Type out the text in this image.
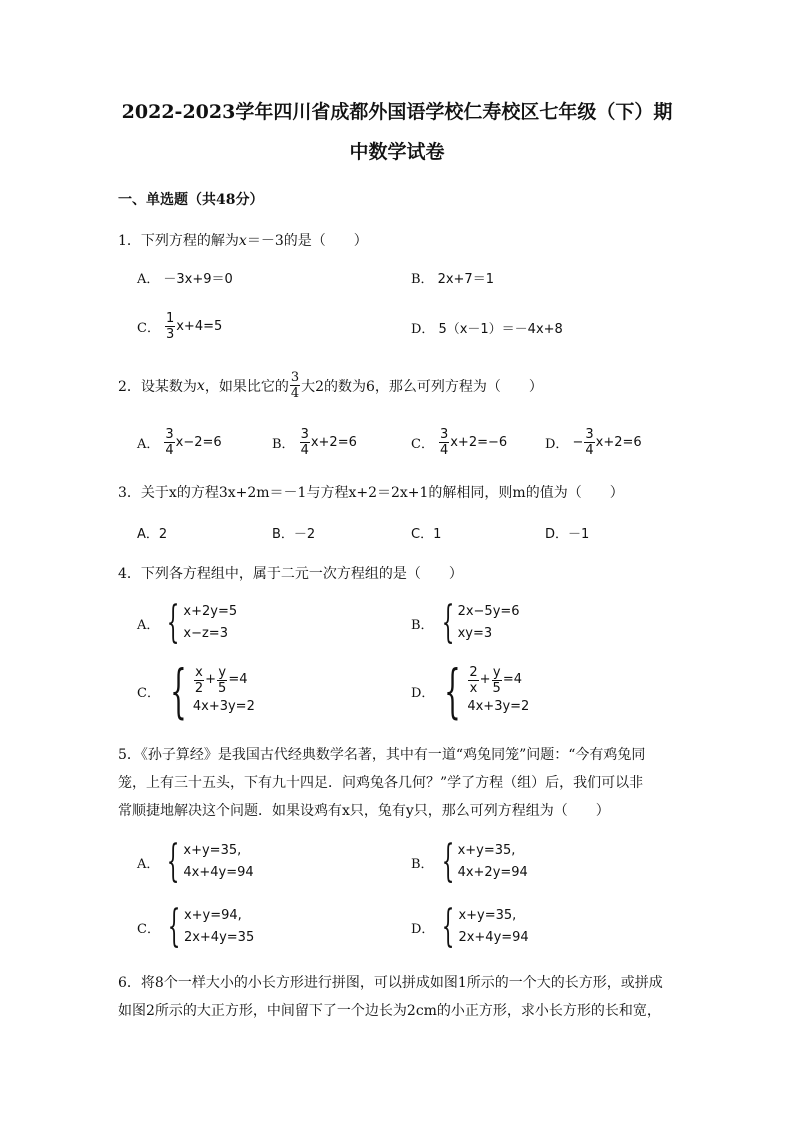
2022-2023学年四川省成都外国语学校仁寿校区七年级（下）期
中数学试卷
一、单选题（共48分）
1．下列方程的解为x＝－3的是（　　）
A． －3x+9＝0	B． 2x+7＝1
C． $\frac{1}{3} x+4=5$	D． 5（x－1）＝－4x+8
2． 设某数为 x ，如果比它的 $\frac{3}{4}$ 大2的数为6，那么可列方程为（　　）
A． $\frac{3}{4} x-2=6$	B． $\frac{3}{4} x+2=6$	C． $\frac{3}{4} x+2=-6$	D． − $\frac{3}{4} x+2=6$
3．关于x的方程3x+2m＝－1与方程x+2＝2x+1的解相同，则m的值为（　　）
A．2	B．－2	C．1	D．－1
4．下列各方程组中，属于二元一次方程组的是（　　）
A． { x+2y=5
x−z=3
B． { 2x−5y=6
xy=3
C． { $\frac{x}{2} + \frac{y}{5} =4$
4x+3y=2
D． { $\frac{2}{x} + \frac{y}{5} =4$
4x+3y=2
5．《孙子算经》是我国古代经典数学名著，其中有一道“鸡兔同笼”问题：“今有鸡兔同
笼，上有三十五头，下有九十四足．问鸡兔各几何？”学了方程（组）后，我们可以非
常顺捷地解决这个问题．如果设鸡有x只，兔有y只，那么可列方程组为（　　）
A． { x+y=35,
4x+4y=94
B． { x+y=35,
4x+2y=94
C． { x+y=94,
2x+4y=35
D． { x+y=35,
2x+4y=94
6．将8个一样大小的小长方形进行拼图，可以拼成如图1所示的一个大的长方形，或拼成
如图2所示的大正方形，中间留下了一个边长为2cm的小正方形，求小长方形的长和宽，
